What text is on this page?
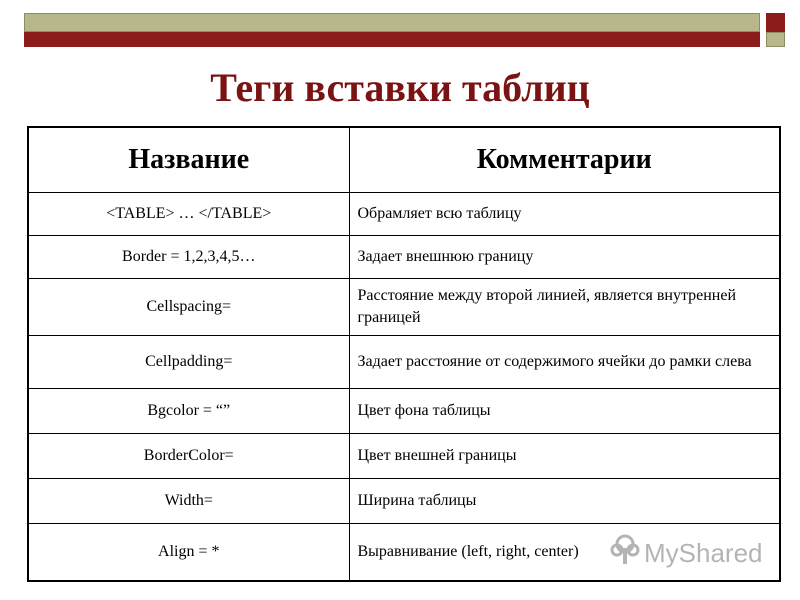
Теги вставки таблиц
Название	Комментарии
<TABLE> … </TABLE>	Обрамляет всю таблицу
Border = 1,2,3,4,5…	Задает внешнюю границу
Cellspacing=	Расстояние между второй линией, является внутренней границей
Cellpadding=	Задает расстояние от содержимого ячейки до рамки слева
Bgcolor = “”	Цвет фона таблицы
BorderColor=	Цвет внешней границы
Width=	Ширина таблицы
Align = *	Выравнивание (left, right, center)	MyShared
